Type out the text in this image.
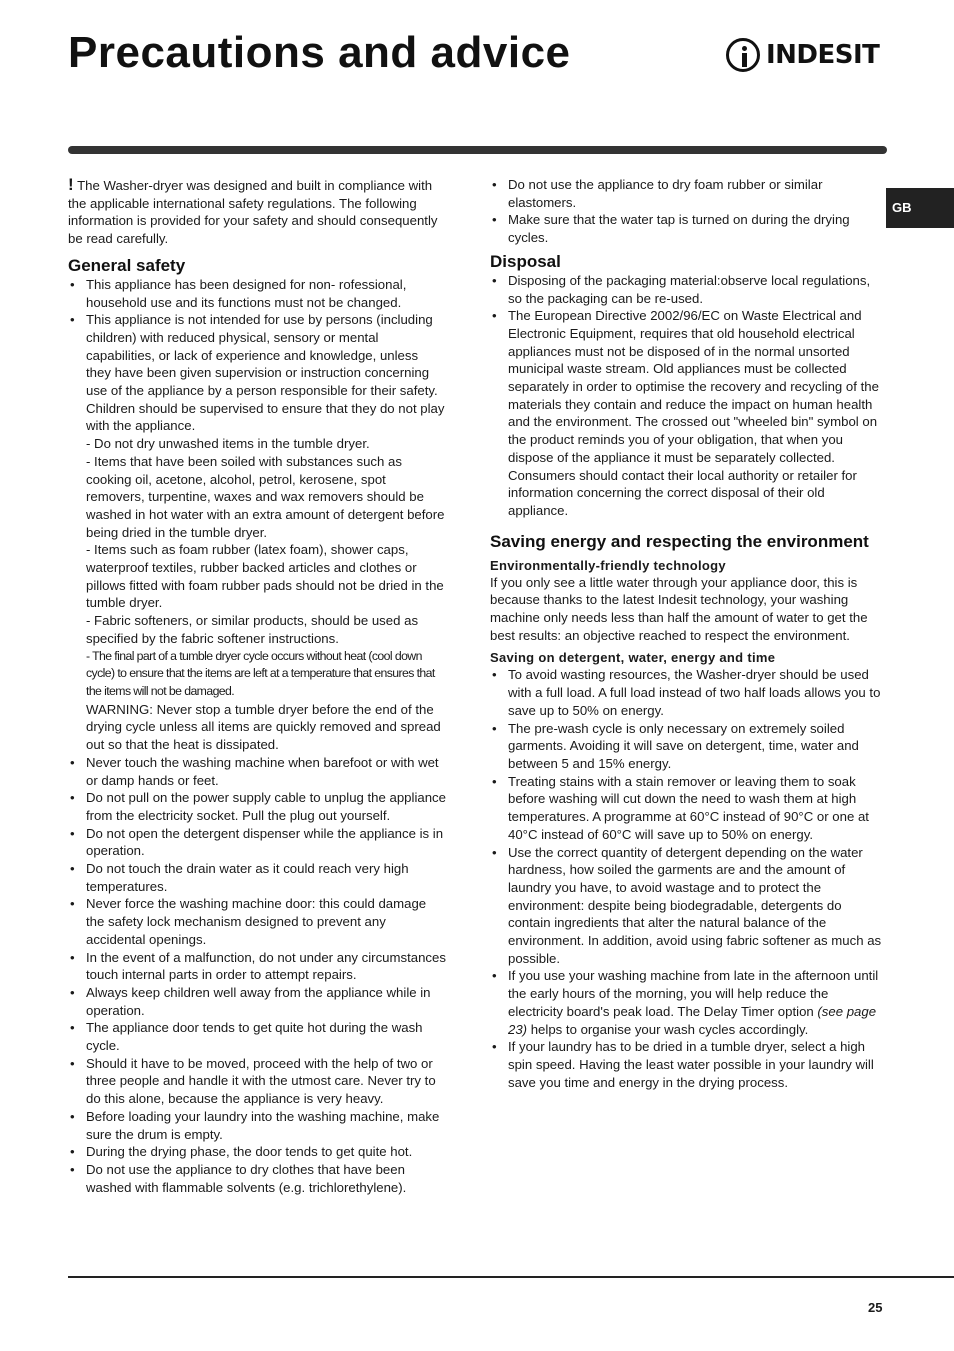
Precautions and advice	INDESIT
GB

! The Washer-dryer was designed and built in compliance with the applicable international safety regulations. The following information is provided for your safety and should consequently be read carefully.

General safety
• This appliance has been designed for non- rofessional, household use and its functions must not be changed.
• This appliance is not intended for use by persons (including children) with reduced physical, sensory or mental capabilities, or lack of experience and knowledge, unless they have been given supervision or instruction concerning use of the appliance by a person responsible for their safety. Children should be supervised to ensure that they do not play with the appliance.
- Do not dry unwashed items in the tumble dryer.
- Items that have been soiled with substances such as cooking oil, acetone, alcohol, petrol, kerosene, spot removers, turpentine, waxes and wax removers should be washed in hot water with an extra amount of detergent before being dried in the tumble dryer.
- Items such as foam rubber (latex foam), shower caps, waterproof textiles, rubber backed articles and clothes or pillows fitted with foam rubber pads should not be dried in the tumble dryer.
- Fabric softeners, or similar products, should be used as specified by the fabric softener instructions.
- The final part of a tumble dryer cycle occurs without heat (cool down cycle) to ensure that the items are left at a temperature that ensures that the items will not be damaged.
WARNING: Never stop a tumble dryer before the end of the drying cycle unless all items are quickly removed and spread out so that the heat is dissipated.
• Never touch the washing machine when barefoot or with wet or damp hands or feet.
• Do not pull on the power supply cable to unplug the appliance from the electricity socket. Pull the plug out yourself.
• Do not open the detergent dispenser while the appliance is in operation.
• Do not touch the drain water as it could reach very high temperatures.
• Never force the washing machine door: this could damage the safety lock mechanism designed to prevent any accidental openings.
• In the event of a malfunction, do not under any circumstances touch internal parts in order to attempt repairs.
• Always keep children well away from the appliance while in operation.
• The appliance door tends to get quite hot during the wash cycle.
• Should it have to be moved, proceed with the help of two or three people and handle it with the utmost care. Never try to do this alone, because the appliance is very heavy.
• Before loading your laundry into the washing machine, make sure the drum is empty.
• During the drying phase, the door tends to get quite hot.
• Do not use the appliance to dry clothes that have been washed with flammable solvents (e.g. trichlorethylene).
• Do not use the appliance to dry foam rubber or similar elastomers.
• Make sure that the water tap is turned on during the drying cycles.
Disposal
• Disposing of the packaging material:observe local regulations, so the packaging can be re-used.
• The European Directive 2002/96/EC on Waste Electrical and Electronic Equipment, requires that old household electrical appliances must not be disposed of in the normal unsorted municipal waste stream. Old appliances must be collected separately in order to optimise the recovery and recycling of the materials they contain and reduce the impact on human health and the environment. The crossed out "wheeled bin" symbol on the product reminds you of your obligation, that when you dispose of the appliance it must be separately collected.
Consumers should contact their local authority or retailer for information concerning the correct disposal of their old appliance.
Saving energy and respecting the environment
Environmentally-friendly technology

If you only see a little water through your appliance door, this is because thanks to the latest Indesit technology, your washing machine only needs less than half the amount of water to get the best results: an objective reached to respect the environment.

Saving on detergent, water, energy and time
• To avoid wasting resources, the Washer-dryer should be used with a full load. A full load instead of two half loads allows you to save up to 50% on energy.
• The pre-wash cycle is only necessary on extremely soiled garments. Avoiding it will save on detergent, time, water and between 5 and 15% energy.
• Treating stains with a stain remover or leaving them to soak before washing will cut down the need to wash them at high temperatures. A programme at 60°C instead of 90°C or one at 40°C instead of 60°C will save up to 50% on energy.
• Use the correct quantity of detergent depending on the water hardness, how soiled the garments are and the amount of laundry you have, to avoid wastage and to protect the environment: despite being biodegradable, detergents do contain ingredients that alter the natural balance of the environment. In addition, avoid using fabric softener as much as possible.
• If you use your washing machine from late in the afternoon until the early hours of the morning, you will help reduce the electricity board's peak load. The Delay Timer option (see page 23) helps to organise your wash cycles accordingly.
• If your laundry has to be dried in a tumble dryer, select a high spin speed. Having the least water possible in your laundry will save you time and energy in the drying process.
25
